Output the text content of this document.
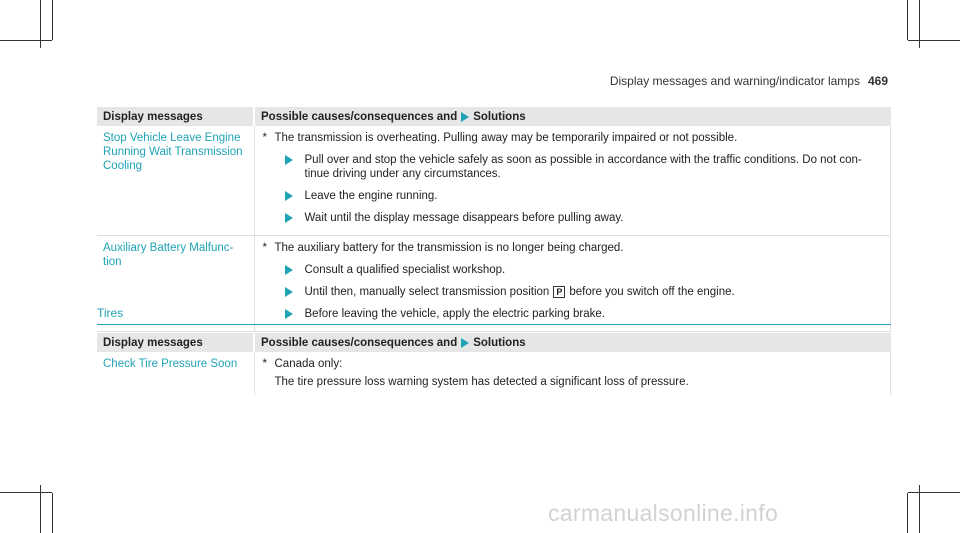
Display messages and warning/indicator lamps 469
Display messages	Possible causes/consequences and Solutions
Stop Vehicle Leave Engine Running Wait Transmission Cooling	* The transmission is overheating. Pulling away may be temporarily impaired or not possible.
Pull over and stop the vehicle safely as soon as possible in accordance with the traffic conditions. Do not con- tinue driving under any circumstances.
Leave the engine running.
Wait until the display message disappears before pulling away.

Auxiliary Battery Malfunc- tion	* The auxiliary battery for the transmission is no longer being charged.
Consult a qualified specialist workshop.
Until then, manually select transmission position P before you switch off the engine.
Before leaving the vehicle, apply the electric parking brake.
Tires
Display messages	Possible causes/consequences and Solutions
Check Tire Pressure Soon	* Canada only:
The tire pressure loss warning system has detected a significant loss of pressure.
carmanualsonline.info
